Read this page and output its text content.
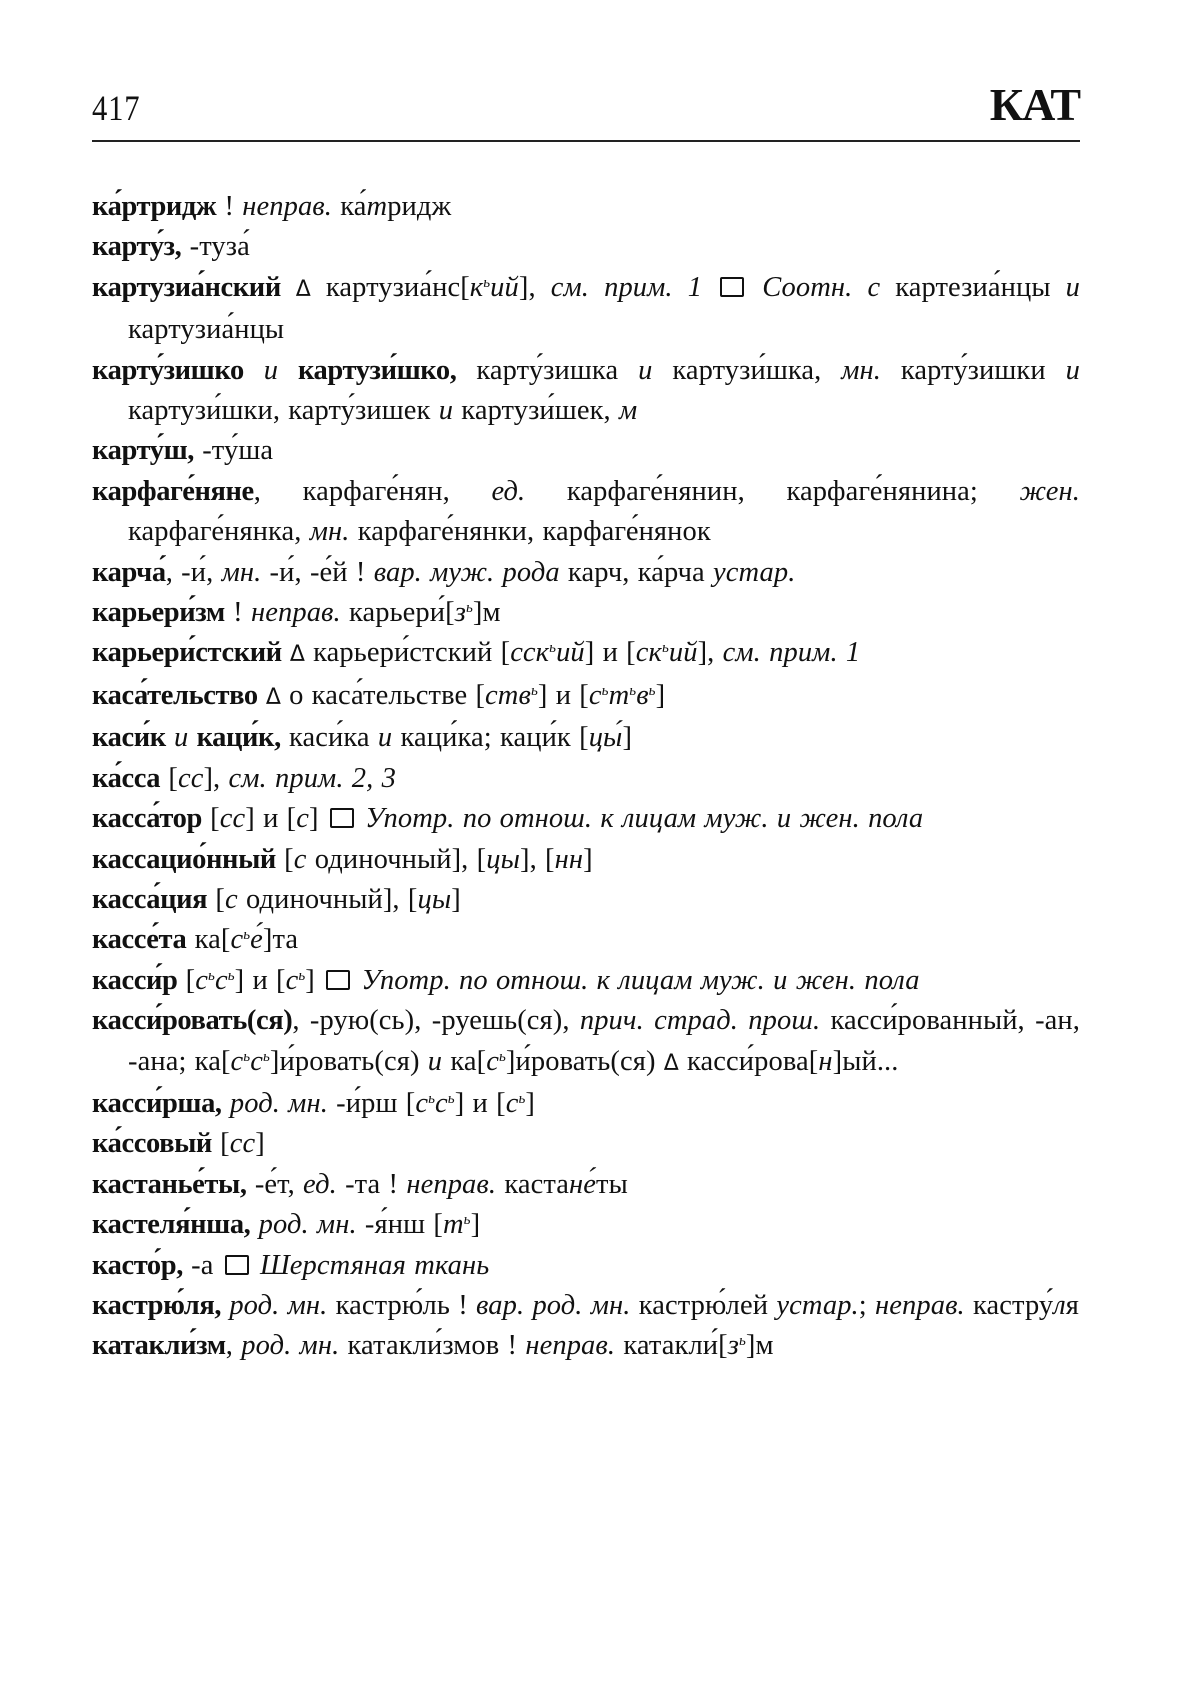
417	КАТ
ка́ртридж ! неправ. ка́тридж
карту́з, -туза́
картузиа́нский Δ $картузиа́нс[к^ьий]$, см. прим. 1 Соотн. с картезиа́нцы и картузиа́нцы
карту́зишко и картузи́шко, карту́зишка и картузи́шка, мн. карту́зишки и картузи́шки, карту́зишек и картузи́шек, м
карту́ш, -ту́ша
карфаге́няне, карфаге́нян, ед. карфаге́нянин, карфаге́нянина; жен. карфаге́нянка, мн. карфаге́нянки, карфаге́нянок
карча́, -и́, мн. -и́, -е́й ! вар. муж. рода карч, ка́рча устар.
карьери́зм ! неправ. $карьери́[з^ь]м$
карьери́стский Δ карьери́стский [сск$^ь$ий] и $[ск^ьий]$, см. прим. 1
каса́тельство Δ о каса́тельстве [ств$^ь$] и $[с^ьт^ьв^ь]$
каси́к и каци́к, каси́ка и каци́ка; каци́к [цы́]
ка́сса [сс], см. прим. 2, 3
касса́тор [сс] и [с]  Употр. по отнош. к лицам муж. и жен. пола
кассацио́нный [с одиночный], [цы], [нн]
касса́ция [с одиночный], [цы]
кассе́та $ка[с^ье́]та$
касси́р $[с^ьс^ь]$ и $[с^ь]$  Употр. по отнош. к лицам муж. и жен. пола
касси́ровать(ся), -рую(сь), -руешь(ся), прич. страд. прош. касси́рованный, -ан, -ана; $ка[с^ьс^ь]и́ровать(ся)$ и $ка[с^ь]и́ровать(ся)$ Δ касси́рова[н]ый...
касси́рша, род. мн. -и́рш $[с^ьс^ь]$ и $[с^ь]$
ка́ссовый [сс]
кастанье́ты, -е́т, ед. -та ! неправ. кастане́ты
кастеля́нша, род. мн. -я́нш $[т^ь]$
касто́р, -а  Шерстяная ткань
кастрю́ля, род. мн. кастрю́ль ! вар. род. мн. кастрю́лей устар.; неправ. кастру́ля
катакли́зм, род. мн. катакли́змов ! неправ. $катакли́[з^ь]м$
